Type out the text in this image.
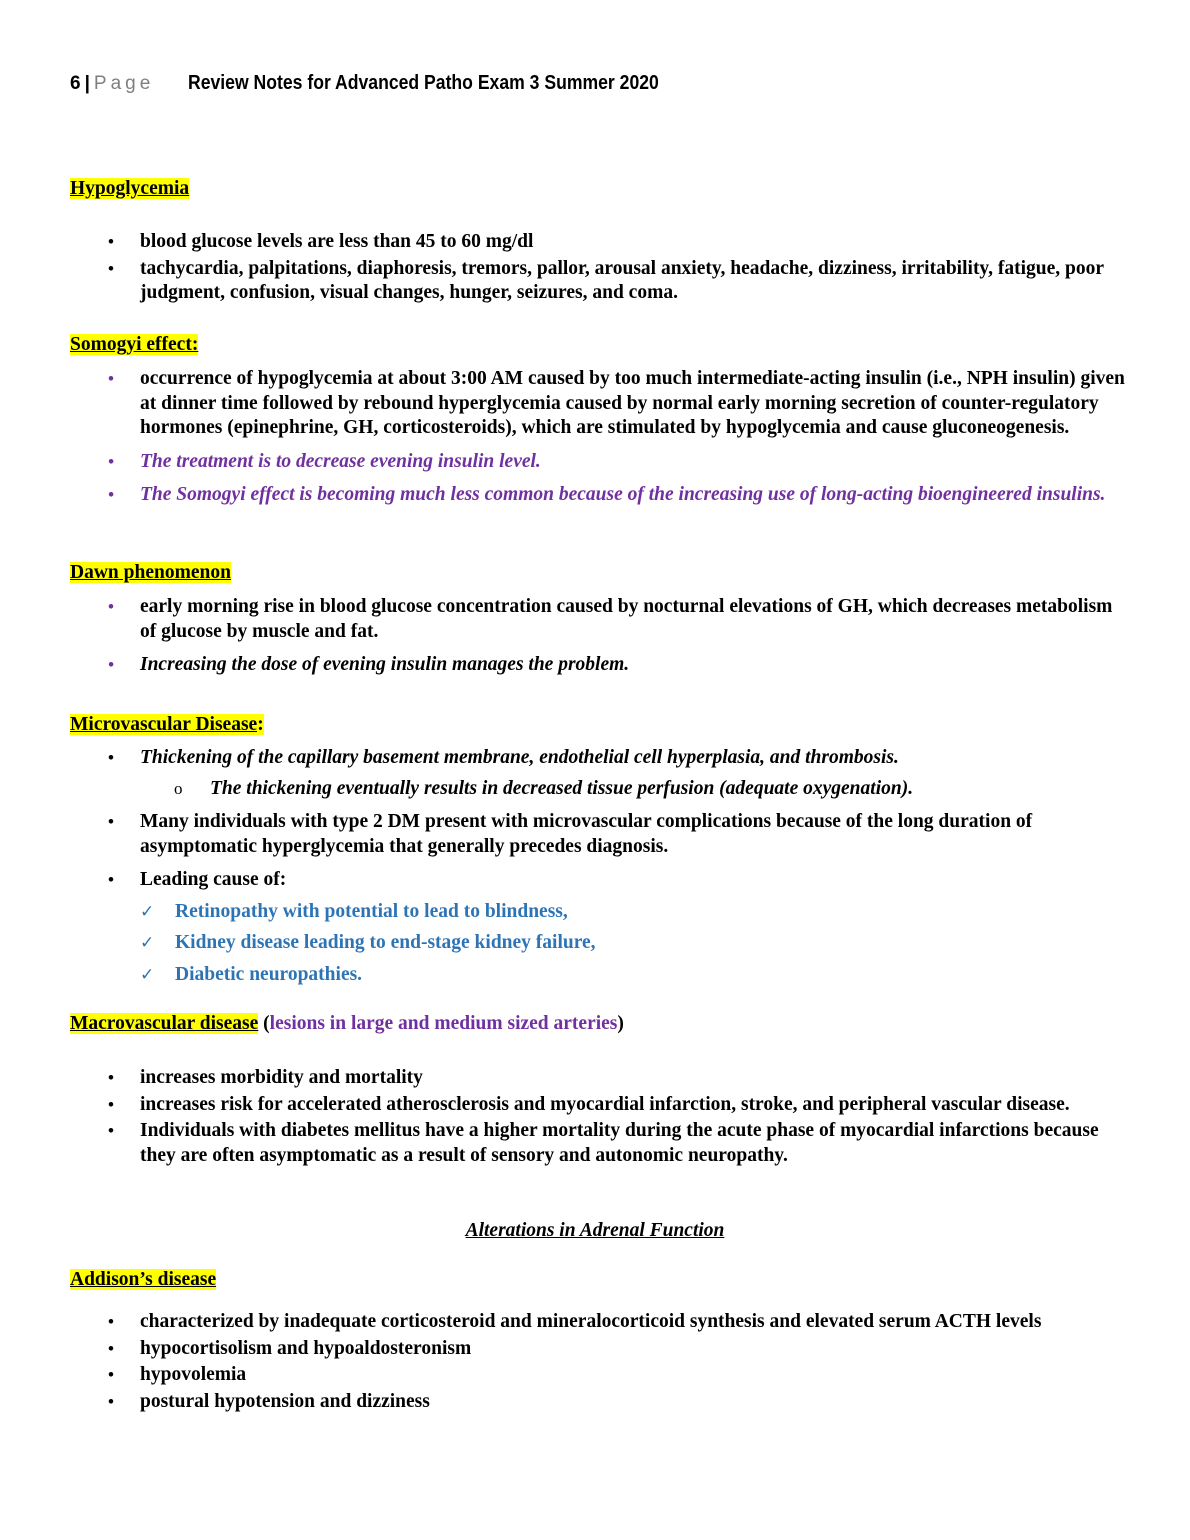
6 | Page Review Notes for Advanced Patho Exam 3 Summer 2020
Hypoglycemia
• blood glucose levels are less than 45 to 60 mg/dl
• tachycardia, palpitations, diaphoresis, tremors, pallor, arousal anxiety, headache, dizziness, irritability, fatigue, poor judgment, confusion, visual changes, hunger, seizures, and coma.
Somogyi effect:
• occurrence of hypoglycemia at about 3:00 AM caused by too much intermediate-acting insulin (i.e., NPH insulin) given at dinner time followed by rebound hyperglycemia caused by normal early morning secretion of counter-regulatory hormones (epinephrine, GH, corticosteroids), which are stimulated by hypoglycemia and cause gluconeogenesis.
• The treatment is to decrease evening insulin level.
• The Somogyi effect is becoming much less common because of the increasing use of long-acting bioengineered insulins.
Dawn phenomenon
• early morning rise in blood glucose concentration caused by nocturnal elevations of GH, which decreases metabolism of glucose by muscle and fat.
• Increasing the dose of evening insulin manages the problem.
Microvascular Disease:
• Thickening of the capillary basement membrane, endothelial cell hyperplasia, and thrombosis.
o The thickening eventually results in decreased tissue perfusion (adequate oxygenation).
• Many individuals with type 2 DM present with microvascular complications because of the long duration of asymptomatic hyperglycemia that generally precedes diagnosis.
• Leading cause of:
✓ Retinopathy with potential to lead to blindness,
✓ Kidney disease leading to end-stage kidney failure,
✓ Diabetic neuropathies.
Macrovascular disease (lesions in large and medium sized arteries)
• increases morbidity and mortality
• increases risk for accelerated atherosclerosis and myocardial infarction, stroke, and peripheral vascular disease.
• Individuals with diabetes mellitus have a higher mortality during the acute phase of myocardial infarctions because they are often asymptomatic as a result of sensory and autonomic neuropathy.
Alterations in Adrenal Function
Addison’s disease
• characterized by inadequate corticosteroid and mineralocorticoid synthesis and elevated serum ACTH levels
• hypocortisolism and hypoaldosteronism
• hypovolemia
• postural hypotension and dizziness
